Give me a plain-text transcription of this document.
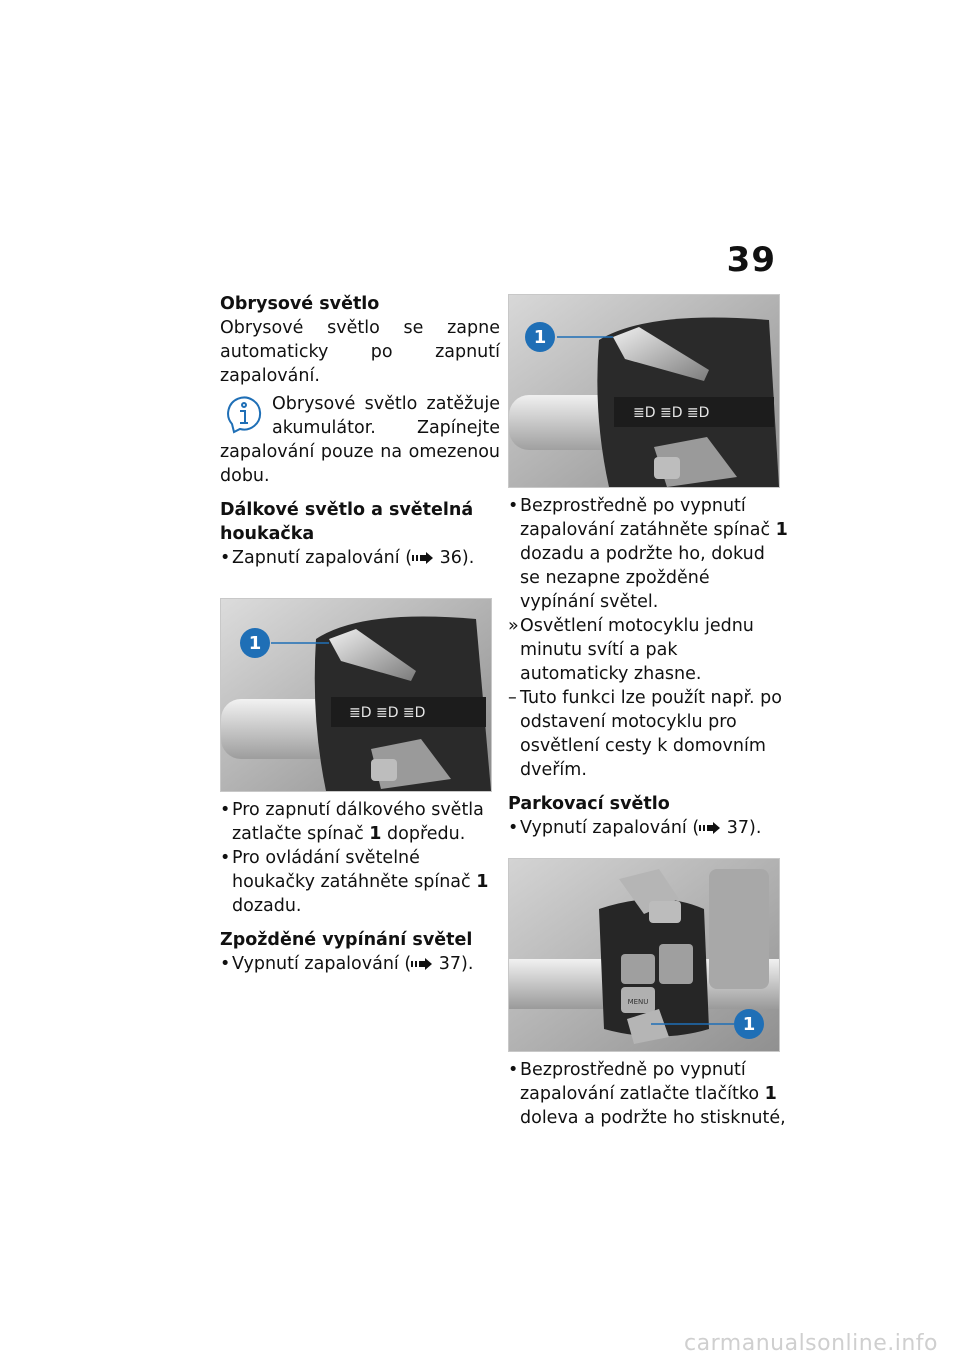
39
Obrysové světlo

Obrysové světlo se zapne automaticky po zapnutí zapalování.

Obrysové světlo zatěžuje akumulátor. Zapínejte zapalování pouze na omezenou dobu.

Dálkové světlo a světelná houkačka
• Zapnutí zapalování ( 36).
≣D ≣D ≣D
1
• Pro zapnutí dálkového světla zatlačte spínač 1 dopředu.
• Pro ovládání světelné houkačky zatáhněte spínač 1 dozadu.
Zpožděné vypínání světel
• Vypnutí zapalování ( 37).
≣D ≣D ≣D
1
• Bezprostředně po vypnutí zapalování zatáhněte spínač 1 dozadu a podržte ho, dokud se nezapne zpožděné vypínání světel.
» Osvětlení motocyklu jednu minutu svítí a pak automaticky zhasne.
– Tuto funkci lze použít např. po odstavení motocyklu pro osvětlení cesty k domovním dveřím.
Parkovací světlo
• Vypnutí zapalování ( 37).
MENU
1
• Bezprostředně po vypnutí zapalování zatlačte tlačítko 1 doleva a podržte ho stisknuté,
carmanualsonline.info
